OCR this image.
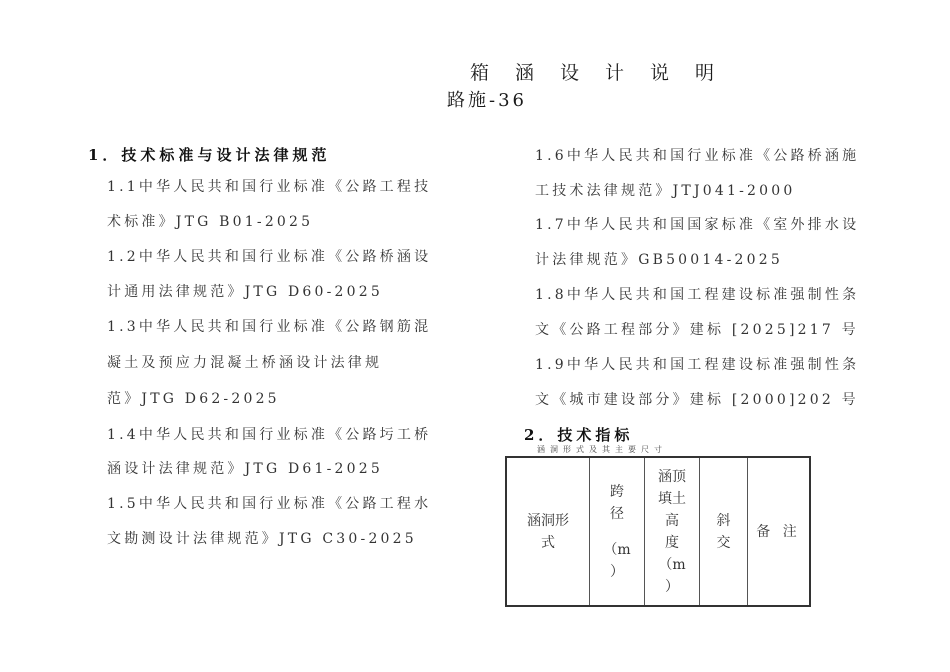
箱涵设计说明
路施-36
1．技术标准与设计法律规范
1.1中华人民共和国行业标准《公路工程技
术标准》JTG B01-2025
1.2中华人民共和国行业标准《公路桥涵设
计通用法律规范》JTG D60-2025
1.3中华人民共和国行业标准《公路钢筋混
凝土及预应力混凝土桥涵设计法律规
范》JTG D62-2025
1.4中华人民共和国行业标准《公路圬工桥
涵设计法律规范》JTG D61-2025
1.5中华人民共和国行业标准《公路工程水
文勘测设计法律规范》JTG C30-2025
1.6中华人民共和国行业标准《公路桥涵施
工技术法律规范》JTJ041-2000
1.7中华人民共和国国家标准《室外排水设
计法律规范》GB50014-2025
1.8中华人民共和国工程建设标准强制性条
文《公路工程部分》建标 [2025]217 号
1.9中华人民共和国工程建设标准强制性条
文《城市建设部分》建标 [2000]202 号
2．技术指标
涵洞形式及其主要尺寸
涵洞形
式

跨
径
（m
）

涵顶
填土
高
度
（m
）

斜
交

备 注
